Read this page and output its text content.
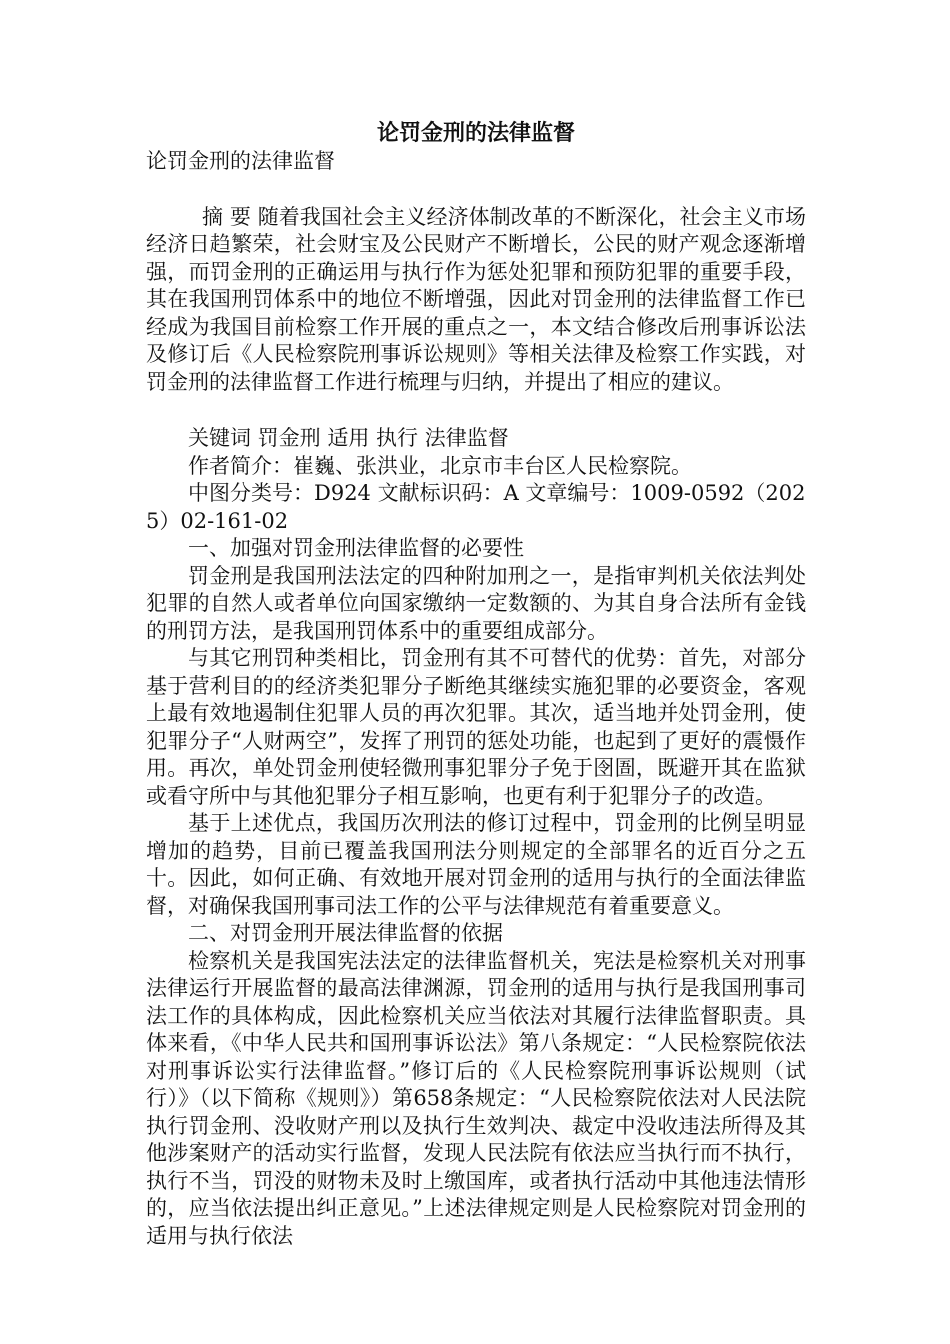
论罚金刑的法律监督

论罚金刑的法律监督

摘 要 随着我国社会主义经济体制改革的不断深化，社会主义市场经济日趋繁荣，社会财宝及公民财产不断增长，公民的财产观念逐渐增强，而罚金刑的正确运用与执行作为惩处犯罪和预防犯罪的重要手段，其在我国刑罚体系中的地位不断增强，因此对罚金刑的法律监督工作已经成为我国目前检察工作开展的重点之一，本文结合修改后刑事诉讼法及修订后《人民检察院刑事诉讼规则》等相关法律及检察工作实践，对罚金刑的法律监督工作进行梳理与归纳，并提出了相应的建议。

关键词 罚金刑 适用 执行 法律监督

作者简介：崔巍、张洪业，北京市丰台区人民检察院。

中图分类号：D924 文献标识码：A 文章编号：1009-0592（2025）02-161-02

一、加强对罚金刑法律监督的必要性

罚金刑是我国刑法法定的四种附加刑之一，是指审判机关依法判处犯罪的自然人或者单位向国家缴纳一定数额的、为其自身合法所有金钱的刑罚方法，是我国刑罚体系中的重要组成部分。

与其它刑罚种类相比，罚金刑有其不可替代的优势：首先，对部分基于营利目的的经济类犯罪分子断绝其继续实施犯罪的必要资金，客观上最有效地遏制住犯罪人员的再次犯罪。其次，适当地并处罚金刑，使犯罪分子“人财两空”，发挥了刑罚的惩处功能，也起到了更好的震慑作用。再次，单处罚金刑使轻微刑事犯罪分子免于囹圄，既避开其在监狱或看守所中与其他犯罪分子相互影响，也更有利于犯罪分子的改造。

基于上述优点，我国历次刑法的修订过程中，罚金刑的比例呈明显增加的趋势，目前已覆盖我国刑法分则规定的全部罪名的近百分之五十。因此，如何正确、有效地开展对罚金刑的适用与执行的全面法律监督，对确保我国刑事司法工作的公平与法律规范有着重要意义。

二、对罚金刑开展法律监督的依据

检察机关是我国宪法法定的法律监督机关，宪法是检察机关对刑事法律运行开展监督的最高法律渊源，罚金刑的适用与执行是我国刑事司法工作的具体构成，因此检察机关应当依法对其履行法律监督职责。具体来看，《中华人民共和国刑事诉讼法》第八条规定：“人民检察院依法对刑事诉讼实行法律监督。”修订后的《人民检察院刑事诉讼规则（试行）》（以下简称《规则》）第658条规定：“人民检察院依法对人民法院执行罚金刑、没收财产刑以及执行生效判决、裁定中没收违法所得及其他涉案财产的活动实行监督，发现人民法院有依法应当执行而不执行，执行不当，罚没的财物未及时上缴国库，或者执行活动中其他违法情形的，应当依法提出纠正意见。”上述法律规定则是人民检察院对罚金刑的适用与执行依法
